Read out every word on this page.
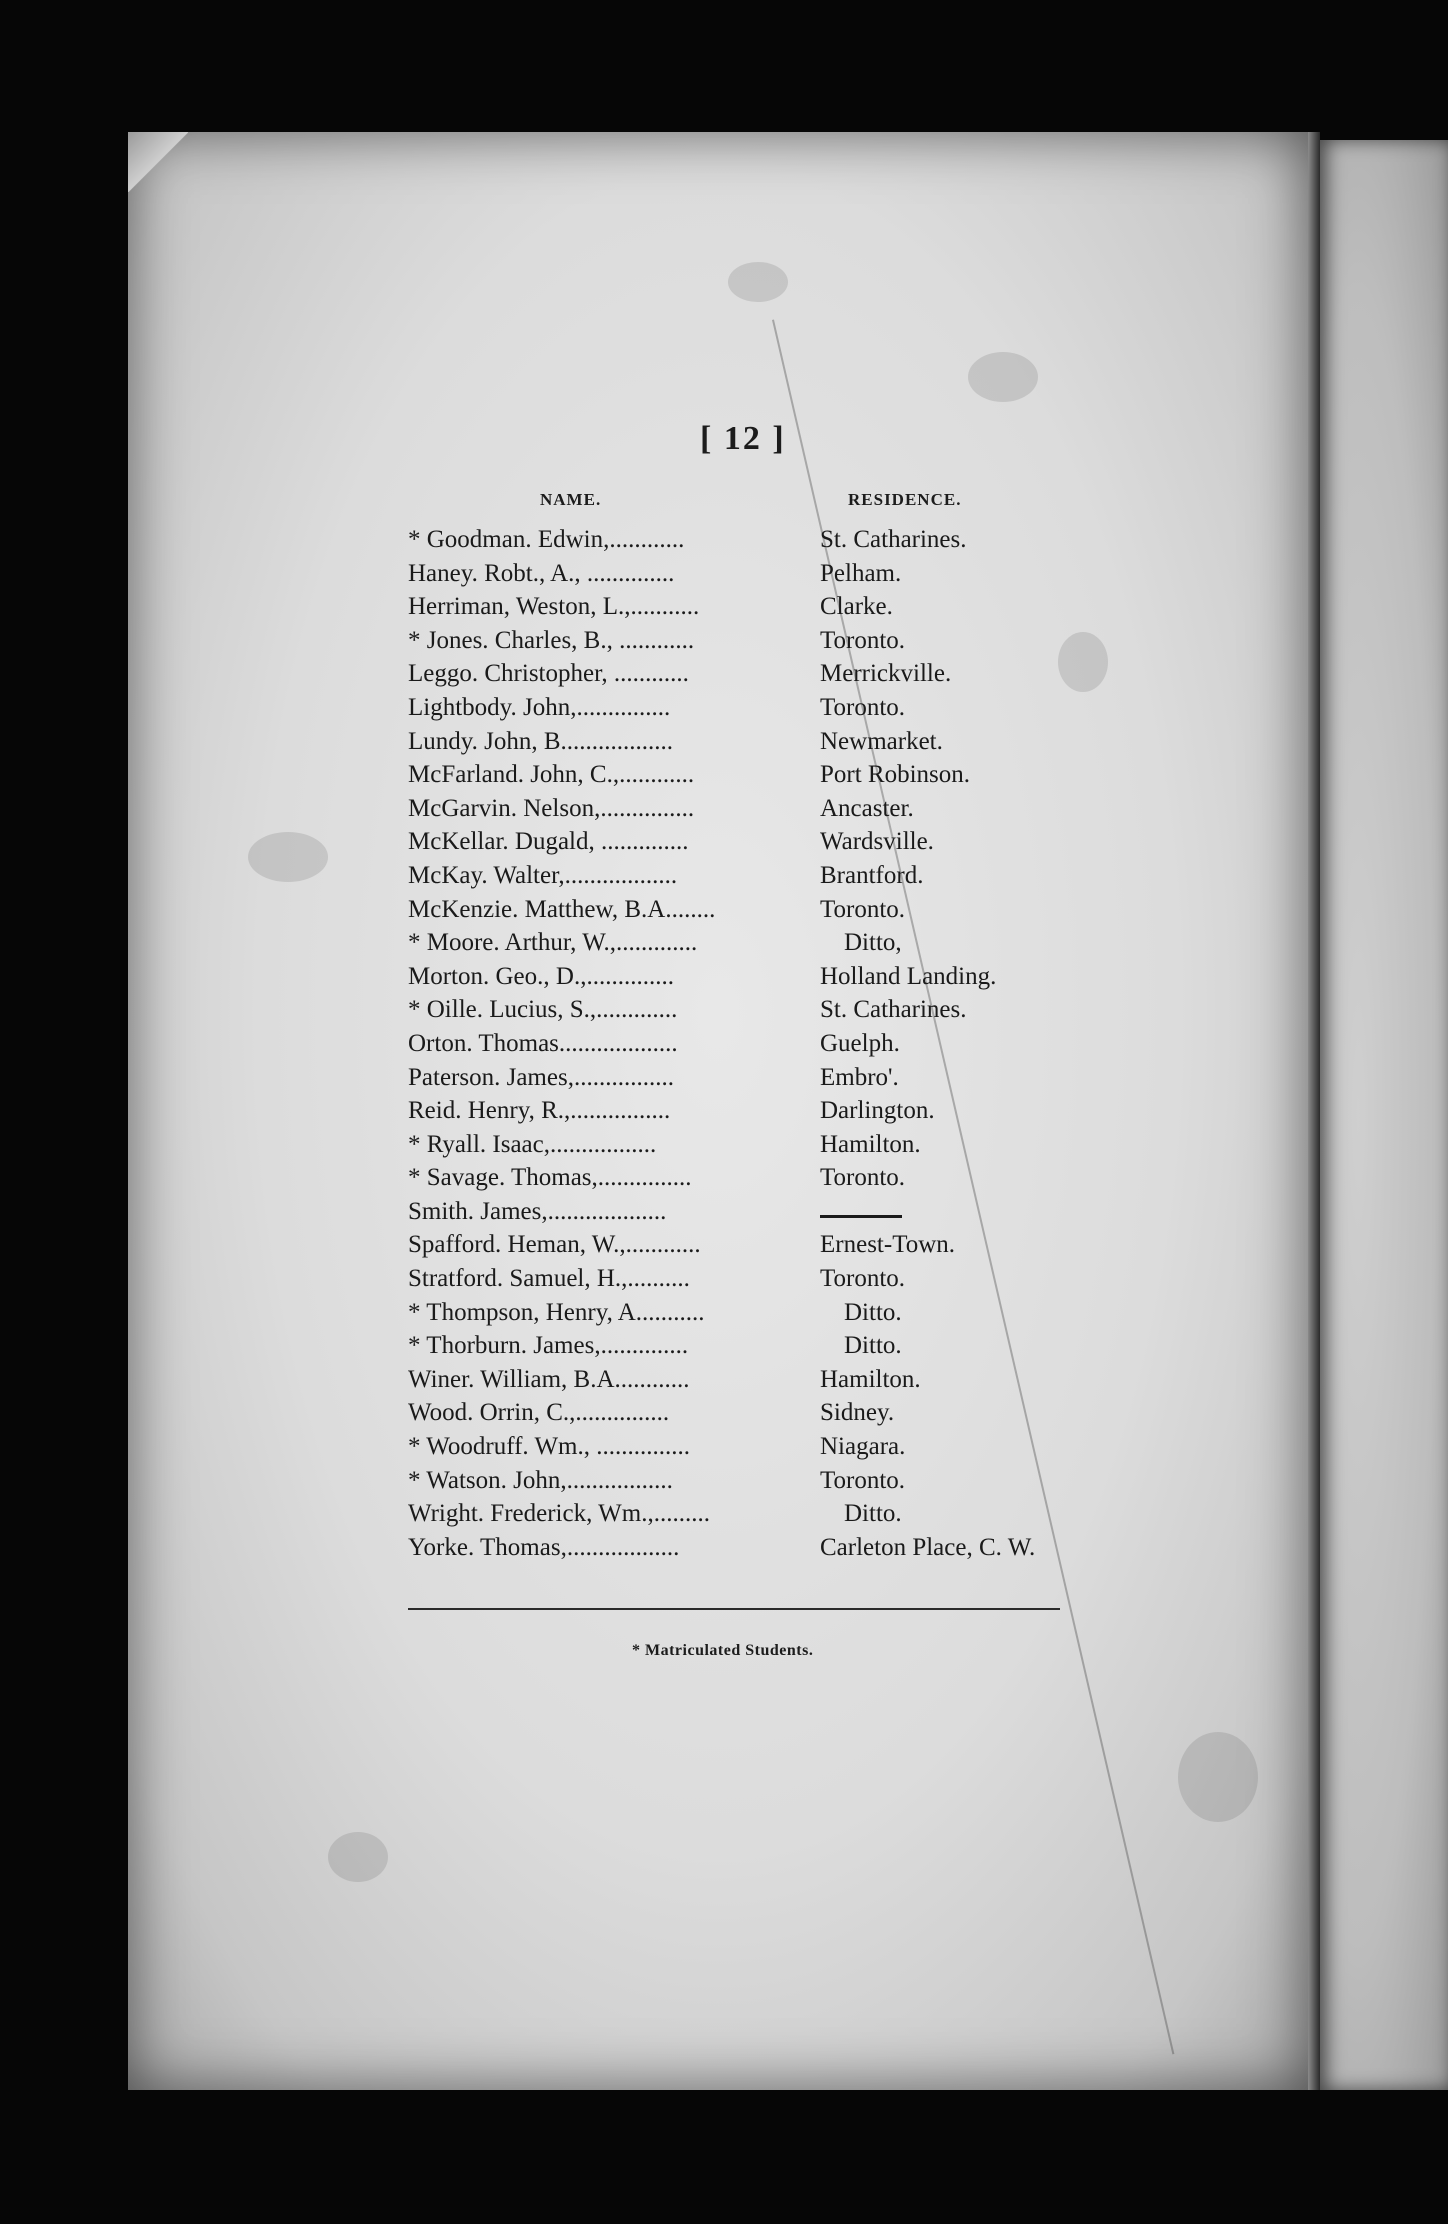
[ 12 ]
NAME.	RESIDENCE.
* Goodman. Edwin,............	St. Catharines.
Haney. Robt., A., ..............	Pelham.
Herriman, Weston, L.,...........	Clarke.
* Jones. Charles, B., ............	Toronto.
Leggo. Christopher, ............	Merrickville.
Lightbody. John,...............	Toronto.
Lundy. John, B..................	Newmarket.
McFarland. John, C.,............	Port Robinson.
McGarvin. Nelson,...............	Ancaster.
McKellar. Dugald, ..............	Wardsville.
McKay. Walter,..................	Brantford.
McKenzie. Matthew, B.A........	Toronto.
* Moore. Arthur, W.,.............	Ditto,
Morton. Geo., D.,..............	Holland Landing.
* Oille. Lucius, S.,.............	St. Catharines.
Orton. Thomas...................	Guelph.
Paterson. James,................	Embro'.
Reid. Henry, R.,................	Darlington.
* Ryall. Isaac,.................	Hamilton.
* Savage. Thomas,...............	Toronto.
Smith. James,...................
Spafford. Heman, W.,............	Ernest-Town.
Stratford. Samuel, H.,..........	Toronto.
* Thompson, Henry, A...........	Ditto.
* Thorburn. James,..............	Ditto.
Winer. William, B.A............	Hamilton.
Wood. Orrin, C.,...............	Sidney.
* Woodruff. Wm., ...............	Niagara.
* Watson. John,.................	Toronto.
Wright. Frederick, Wm.,.........	Ditto.
Yorke. Thomas,..................	Carleton Place, C. W.
* Matriculated Students.
